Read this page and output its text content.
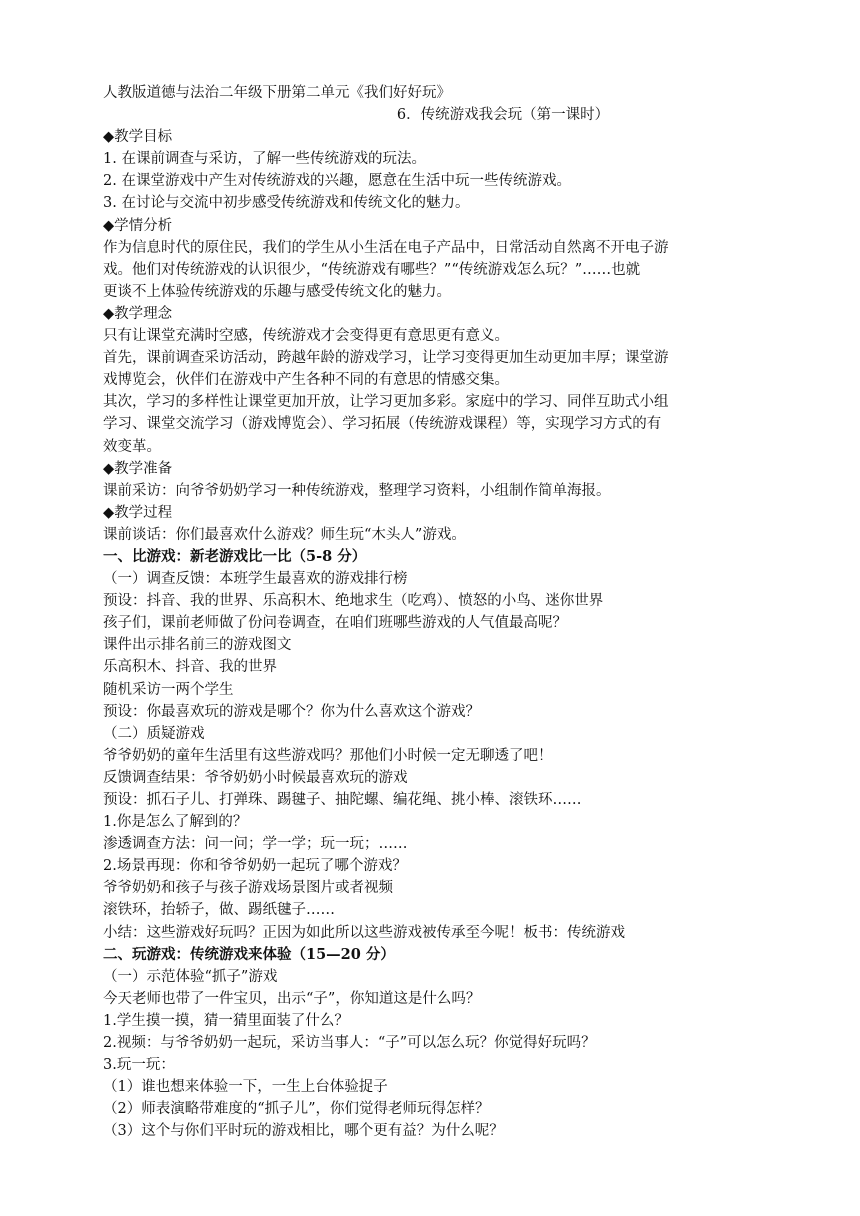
人教版道德与法治二年级下册第二单元《我们好好玩》
6．传统游戏我会玩（第一课时）
◆教学目标
1. 在课前调查与采访，了解一些传统游戏的玩法。
2. 在课堂游戏中产生对传统游戏的兴趣，愿意在生活中玩一些传统游戏。
3. 在讨论与交流中初步感受传统游戏和传统文化的魅力。
◆学情分析
作为信息时代的原住民，我们的学生从小生活在电子产品中，日常活动自然离不开电子游
戏。他们对传统游戏的认识很少，“传统游戏有哪些？”“传统游戏怎么玩？”……也就
更谈不上体验传统游戏的乐趣与感受传统文化的魅力。
◆教学理念
只有让课堂充满时空感，传统游戏才会变得更有意思更有意义。
首先，课前调查采访活动，跨越年龄的游戏学习，让学习变得更加生动更加丰厚；课堂游
戏博览会，伙伴们在游戏中产生各种不同的有意思的情感交集。
其次，学习的多样性让课堂更加开放，让学习更加多彩。家庭中的学习、同伴互助式小组
学习、课堂交流学习（游戏博览会）、学习拓展（传统游戏课程）等，实现学习方式的有
效变革。
◆教学准备
课前采访：向爷爷奶奶学习一种传统游戏，整理学习资料，小组制作简单海报。
◆教学过程
课前谈话：你们最喜欢什么游戏？师生玩“木头人”游戏。
一、比游戏：新老游戏比一比（5-8 分）
（一）调查反馈：本班学生最喜欢的游戏排行榜
预设：抖音、我的世界、乐高积木、绝地求生（吃鸡）、愤怒的小鸟、迷你世界
孩子们，课前老师做了份问卷调查，在咱们班哪些游戏的人气值最高呢？
课件出示排名前三的游戏图文
乐高积木、抖音、我的世界
随机采访一两个学生
预设：你最喜欢玩的游戏是哪个？你为什么喜欢这个游戏？
（二）质疑游戏
爷爷奶奶的童年生活里有这些游戏吗？那他们小时候一定无聊透了吧！
反馈调查结果：爷爷奶奶小时候最喜欢玩的游戏
预设：抓石子儿、打弹珠、踢毽子、抽陀螺、编花绳、挑小棒、滚铁环……
1.你是怎么了解到的？
渗透调查方法：问一问；学一学；玩一玩；……
2.场景再现：你和爷爷奶奶一起玩了哪个游戏？
爷爷奶奶和孩子与孩子游戏场景图片或者视频
滚铁环，抬轿子，做、踢纸毽子……
小结：这些游戏好玩吗？正因为如此所以这些游戏被传承至今呢！板书：传统游戏
二、玩游戏：传统游戏来体验（15—20 分）
（一）示范体验“抓子”游戏
今天老师也带了一件宝贝，出示“子”，你知道这是什么吗？
1.学生摸一摸，猜一猜里面装了什么？
2.视频：与爷爷奶奶一起玩，采访当事人：“子”可以怎么玩？你觉得好玩吗？
3.玩一玩：
（1）谁也想来体验一下，一生上台体验捉子
（2）师表演略带难度的“抓子儿”，你们觉得老师玩得怎样？
（3）这个与你们平时玩的游戏相比，哪个更有益？为什么呢？
